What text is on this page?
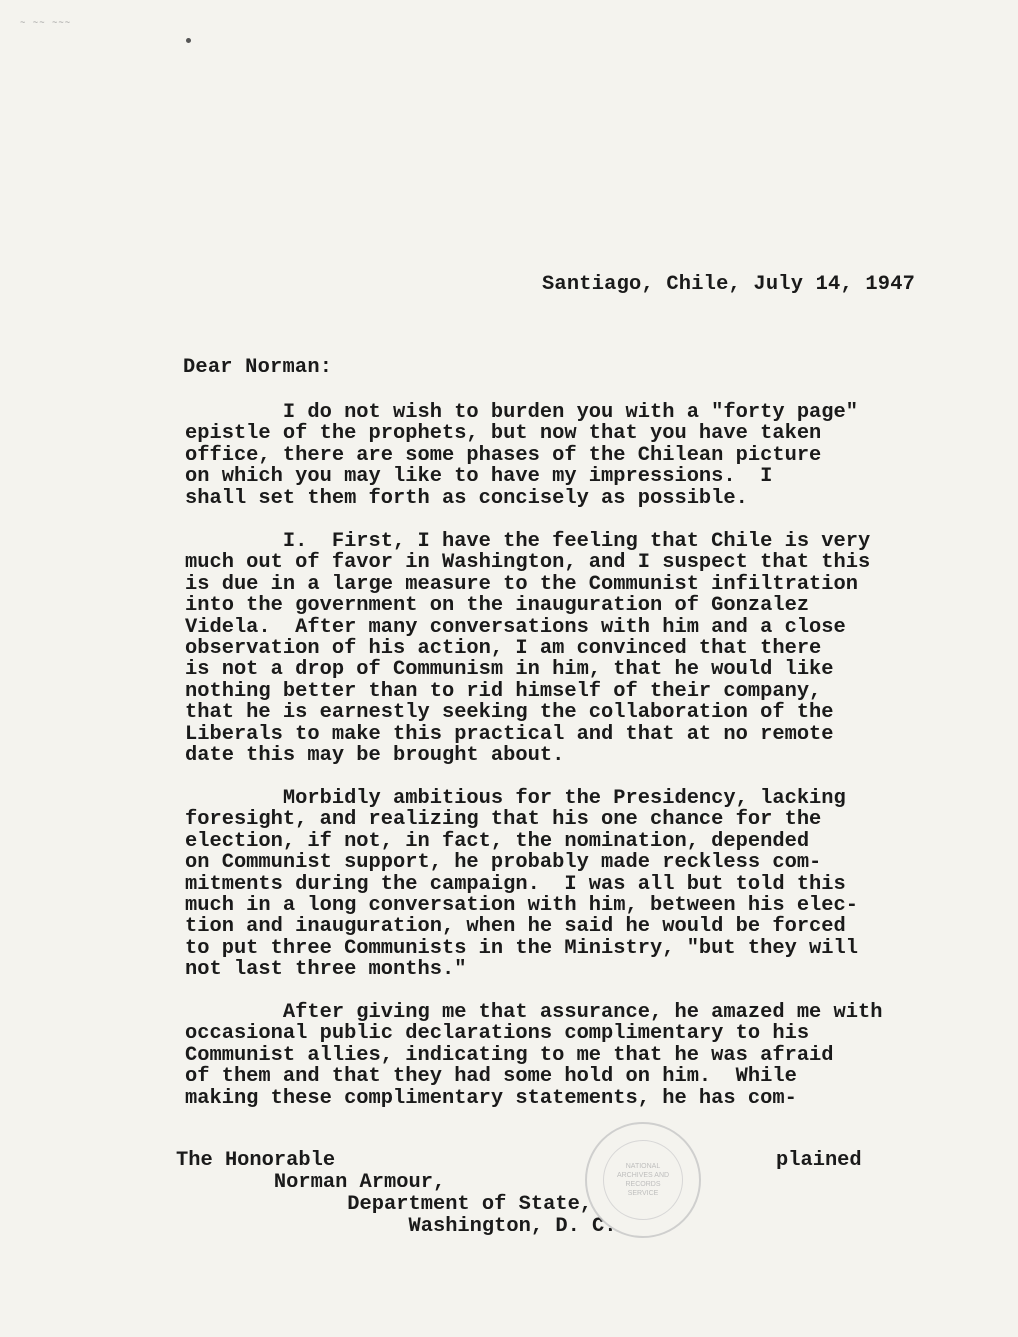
~ ~~ ~~~
Santiago, Chile, July 14, 1947
Dear Norman:

I do not wish to burden you with a "forty page"
epistle of the prophets, but now that you have taken
office, there are some phases of the Chilean picture
on which you may like to have my impressions.  I
shall set them forth as concisely as possible.

I.  First, I have the feeling that Chile is very
much out of favor in Washington, and I suspect that this
is due in a large measure to the Communist infiltration
into the government on the inauguration of Gonzalez
Videla.  After many conversations with him and a close
observation of his action, I am convinced that there
is not a drop of Communism in him, that he would like
nothing better than to rid himself of their company,
that he is earnestly seeking the collaboration of the
Liberals to make this practical and that at no remote
date this may be brought about.

Morbidly ambitious for the Presidency, lacking
foresight, and realizing that his one chance for the
election, if not, in fact, the nomination, depended
on Communist support, he probably made reckless com-
mitments during the campaign.  I was all but told this
much in a long conversation with him, between his elec-
tion and inauguration, when he said he would be forced
to put three Communists in the Ministry, "but they will
not last three months."

After giving me that assurance, he amazed me with
occasional public declarations complimentary to his
Communist allies, indicating to me that he was afraid
of them and that they had some hold on him.  While
making these complimentary statements, he has com-

The Honorable
Norman Armour,
Department of State,
Washington, D. C.

NATIONAL
ARCHIVES AND
RECORDS
SERVICE
plained
